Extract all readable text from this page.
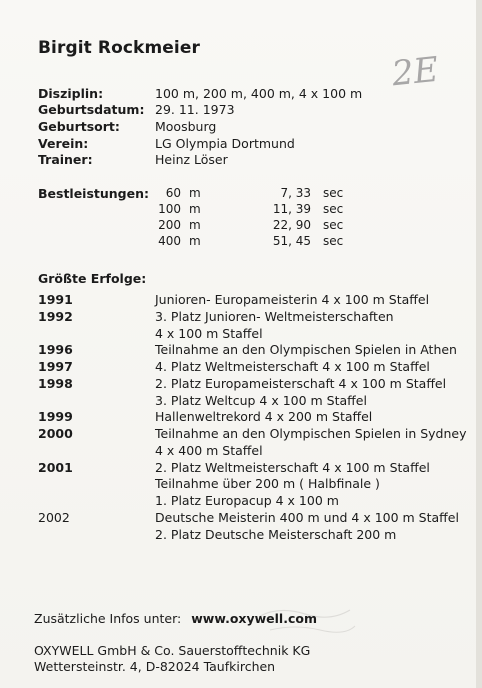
Birgit Rockmeier
2E
Disziplin:	100 m, 200 m, 400 m, 4 x 100 m
Geburtsdatum: 29. 11. 1973
Geburtsort:	Moosburg
Verein:	LG Olympia Dortmund
Trainer:	Heinz Löser
Bestleistungen:	60 m	7, 33 sec
100 m	11, 39 sec
200 m	22, 90 sec
400 m	51, 45 sec
Größte Erfolge:
1991	Junioren- Europameisterin 4 x 100 m Staffel
1992	3. Platz Junioren- Weltmeisterschaften
4 x 100 m Staffel
1996	Teilnahme an den Olympischen Spielen in Athen
1997	4. Platz Weltmeisterschaft 4 x 100 m Staffel
1998	2. Platz Europameisterschaft 4 x 100 m Staffel
3. Platz Weltcup 4 x 100 m Staffel
1999	Hallenweltrekord 4 x 200 m Staffel
2000	Teilnahme an den Olympischen Spielen in Sydney
4 x 400 m Staffel
2001	2. Platz Weltmeisterschaft 4 x 100 m Staffel
Teilnahme über 200 m ( Halbfinale )
1. Platz Europacup 4 x 100 m
2002	Deutsche Meisterin 400 m und 4 x 100 m Staffel
2. Platz Deutsche Meisterschaft 200 m
Zusätzliche Infos unter: www.oxywell.com
OXYWELL GmbH & Co. Sauerstofftechnik KG
Wettersteinstr. 4, D-82024 Taufkirchen
